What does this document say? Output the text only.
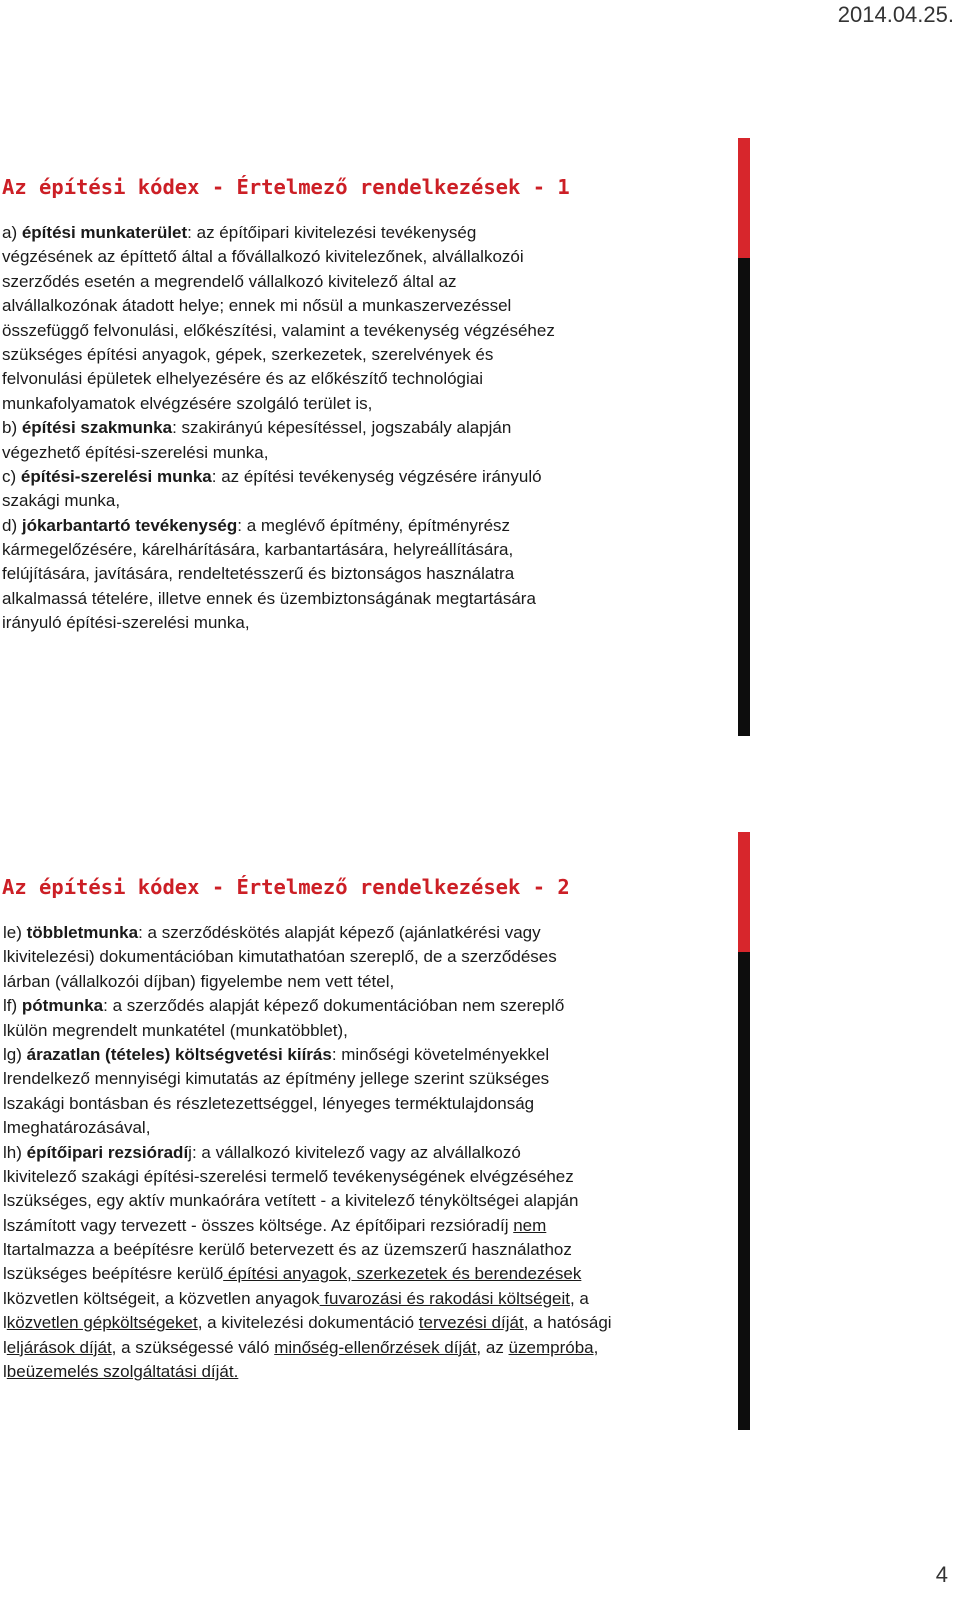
2014.04.25.
Az építési kódex - Értelmező rendelkezések - 1
a) építési munkaterület: az építőipari kivitelezési tevékenység
végzésének az építtető által a fővállalkozó kivitelezőnek, alvállalkozói
szerződés esetén a megrendelő vállalkozó kivitelező által az
alvállalkozónak átadott helye; ennek mi nősül a munkaszervezéssel
összefüggő felvonulási, előkészítési, valamint a tevékenység végzéséhez
szükséges építési anyagok, gépek, szerkezetek, szerelvények és
felvonulási épületek elhelyezésére és az előkészítő technológiai
munkafolyamatok elvégzésére szolgáló terület is,
b) építési szakmunka: szakirányú képesítéssel, jogszabály alapján
végezhető építési-szerelési munka,
c) építési-szerelési munka: az építési tevékenység végzésére irányuló
szakági munka,
d) jókarbantartó tevékenység: a meglévő építmény, építményrész
kármegelőzésére, kárelhárítására, karbantartására, helyreállítására,
felújítására, javítására, rendeltetésszerű és biztonságos használatra
alkalmassá tételére, illetve ennek és üzembiztonságának megtartására
irányuló építési-szerelési munka,
Az építési kódex - Értelmező rendelkezések - 2
le) többletmunka: a szerződéskötés alapját képező (ajánlatkérési vagy
lkivitelezési) dokumentációban kimutathatóan szereplő, de a szerződéses
lárban (vállalkozói díjban) figyelembe nem vett tétel,
lf) pótmunka: a szerződés alapját képező dokumentációban nem szereplő
lkülön megrendelt munkatétel (munkatöbblet),
lg) árazatlan (tételes) költségvetési kiírás: minőségi követelményekkel
lrendelkező mennyiségi kimutatás az építmény jellege szerint szükséges
lszakági bontásban és részletezettséggel, lényeges terméktulajdonság
lmeghatározásával,
lh) építőipari rezsióradíj: a vállalkozó kivitelező vagy az alvállalkozó
lkivitelező szakági építési-szerelési termelő tevékenységének elvégzéséhez
lszükséges, egy aktív munkaórára vetített - a kivitelező tényköltségei alapján
lszámított vagy tervezett - összes költsége. Az építőipari rezsióradíj nem
ltartalmazza a beépítésre kerülő betervezett és az üzemszerű használathoz
lszükséges beépítésre kerülő építési anyagok, szerkezetek és berendezések
lközvetlen költségeit, a közvetlen anyagok fuvarozási és rakodási költségeit, a
lközvetlen gépköltségeket, a kivitelezési dokumentáció tervezési díját, a hatósági
leljárások díját, a szükségessé váló minőség-ellenőrzések díját, az üzempróba,
lbeüzemelés szolgáltatási díját.
4
